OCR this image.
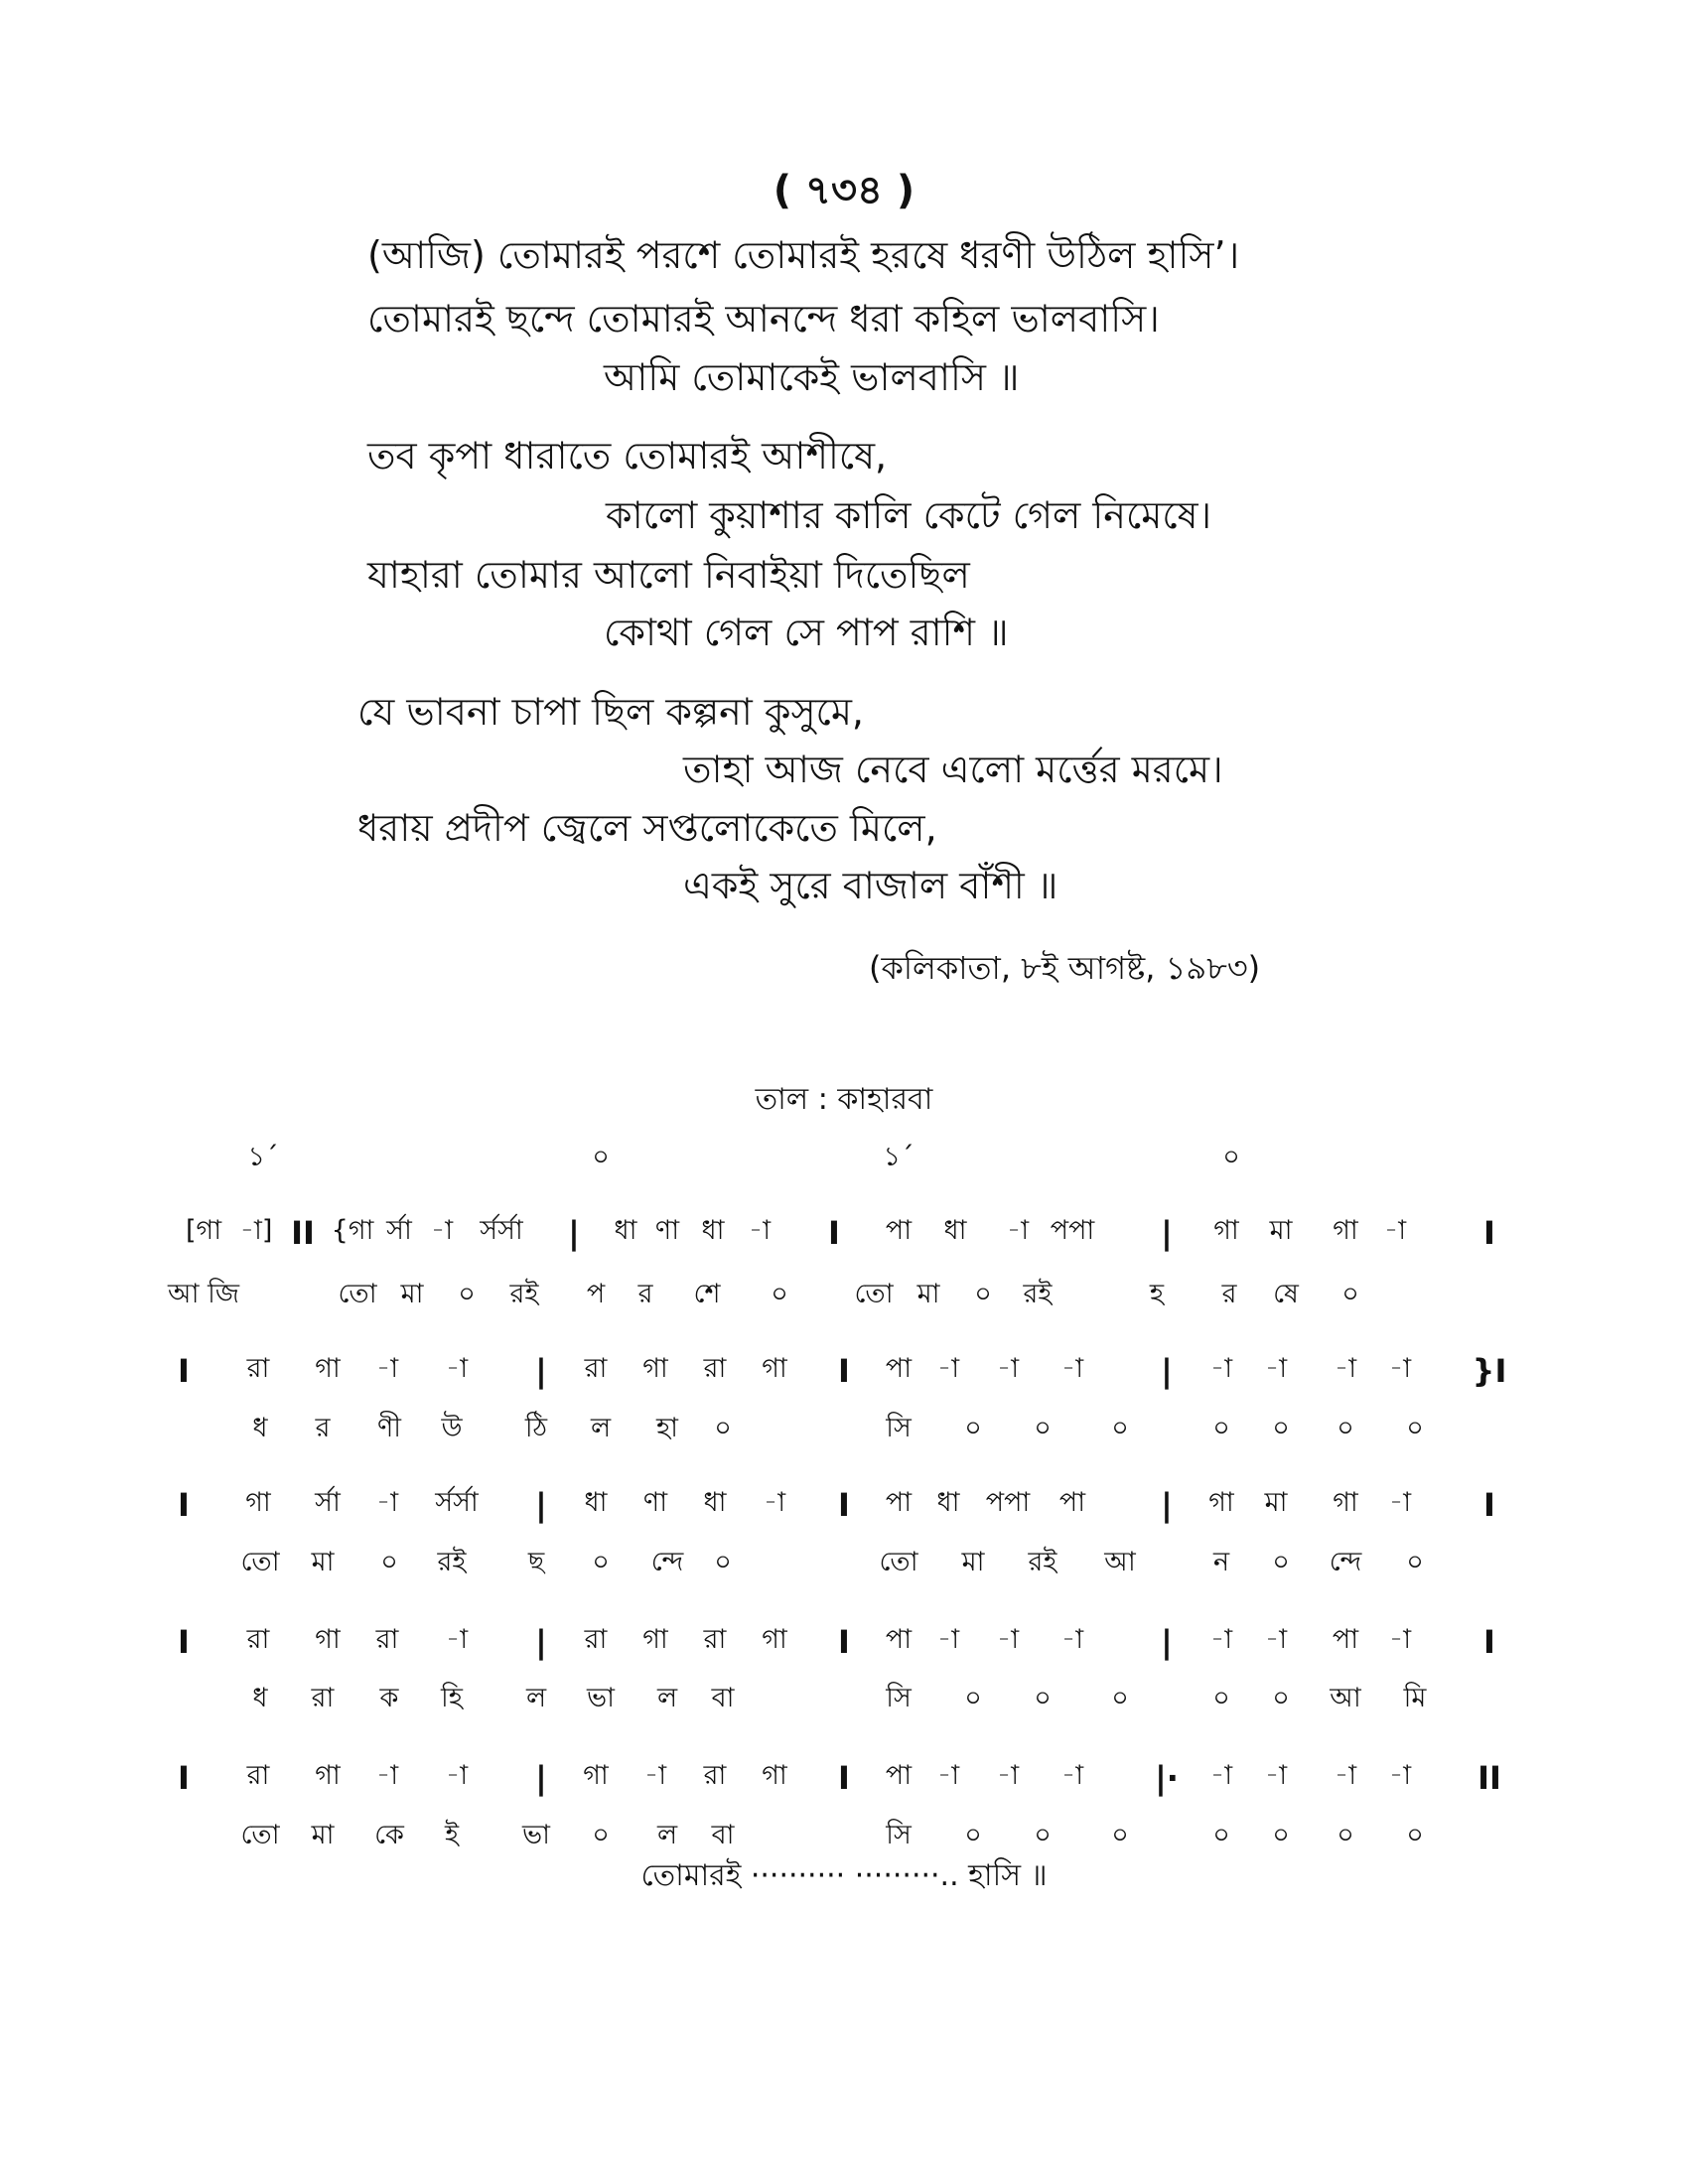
( ৭৩৪ )
(আজি) তোমারই পরশে তোমারই হরষে ধরণী উঠিল হাসি’।
তোমারই ছন্দে তোমারই আনন্দে ধরা কহিল ভালবাসি।
আমি তোমাকেই ভালবাসি ॥
তব কৃপা ধারাতে তোমারই আশীষে,
কালো কুয়াশার কালি কেটে গেল নিমেষে।
যাহারা তোমার আলো নিবাইয়া দিতেছিল
কোথা গেল সে পাপ রাশি ॥
যে ভাবনা চাপা ছিল কল্পনা কুসুমে,
তাহা আজ নেবে এলো মর্ত্তের মরমে।
ধরায় প্রদীপ জ্বেলে সপ্তলোকেতে মিলে,
একই সুরে বাজাল বাঁশী ॥
(কলিকাতা, ৮ই আগষ্ট, ১৯৮৩)
তাল : কাহারবা
১´	০	১´	০
[গা -া] II {গা র্সা -া র্সর্সা | ধা ণা ধা -া I পা ধা -া পপা | গা মা গা -া I
আ জি	তো মা ০ রই প র শে ০ তো মা ০ রই	হ র ষে ০
I রা গা -া -া | রা গা রা গা I পা -া -া -া | -া -া -া -া }I
ধ র ণী উ ঠি ল হা ০	সি ০ ০ ০	০ ০ ০ ০
I গা র্সা -া র্সর্সা | ধা ণা ধা -া I পা ধা পপা পা | গা মা গা -া I
তো মা ০ রই ছ ০ ন্দে ০	তো মা রই আ	ন ০ ন্দে ০
I রা গা রা -া | রা গা রা গা I পা -া -া -া | -া -া পা -া I
ধ রা ক হি ল ভা ল বা	সি ০ ০ ০	০ ০ আ মি
I রা গা -া -া | গা -া রা গা I পা -া -া -া |· -া -া -া -া II
তো মা কে ই ভা ০ ল বা	সি ০ ০ ০	০ ০ ০ ০
তোমারই ·········· ·········.. হাসি ॥
